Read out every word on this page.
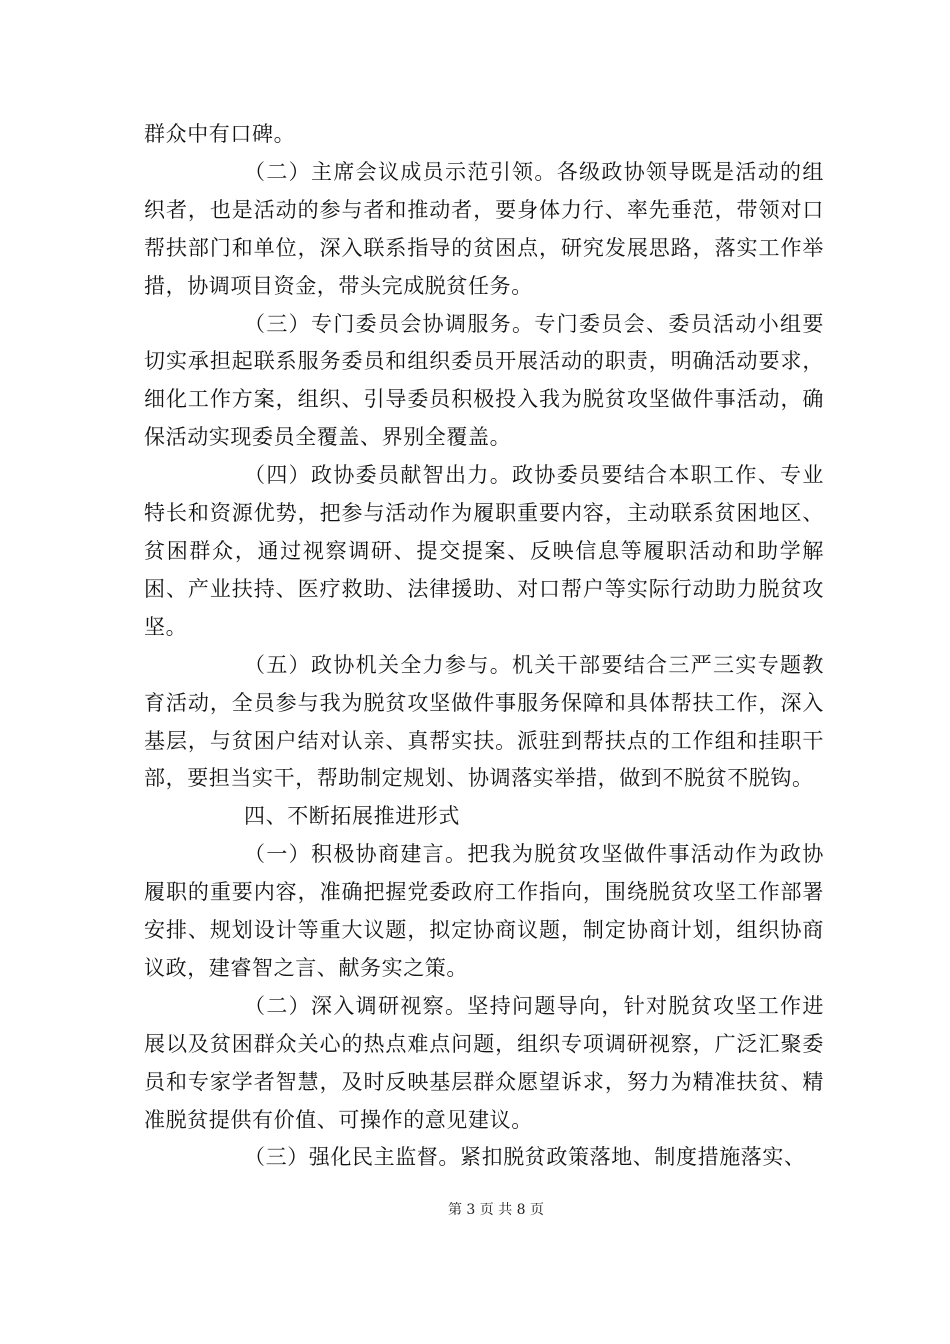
群众中有口碑。

（二）主席会议成员示范引领。各级政协领导既是活动的组织者，也是活动的参与者和推动者，要身体力行、率先垂范，带领对口帮扶部门和单位，深入联系指导的贫困点，研究发展思路，落实工作举措，协调项目资金，带头完成脱贫任务。

（三）专门委员会协调服务。专门委员会、委员活动小组要切实承担起联系服务委员和组织委员开展活动的职责，明确活动要求，细化工作方案，组织、引导委员积极投入我为脱贫攻坚做件事活动，确保活动实现委员全覆盖、界别全覆盖。

（四）政协委员献智出力。政协委员要结合本职工作、专业特长和资源优势，把参与活动作为履职重要内容，主动联系贫困地区、贫困群众，通过视察调研、提交提案、反映信息等履职活动和助学解困、产业扶持、医疗救助、法律援助、对口帮户等实际行动助力脱贫攻坚。

（五）政协机关全力参与。机关干部要结合三严三实专题教育活动，全员参与我为脱贫攻坚做件事服务保障和具体帮扶工作，深入基层，与贫困户结对认亲、真帮实扶。派驻到帮扶点的工作组和挂职干部，要担当实干，帮助制定规划、协调落实举措，做到不脱贫不脱钩。

四、不断拓展推进形式

（一）积极协商建言。把我为脱贫攻坚做件事活动作为政协履职的重要内容，准确把握党委政府工作指向，围绕脱贫攻坚工作部署安排、规划设计等重大议题，拟定协商议题，制定协商计划，组织协商议政，建睿智之言、献务实之策。

（二）深入调研视察。坚持问题导向，针对脱贫攻坚工作进展以及贫困群众关心的热点难点问题，组织专项调研视察，广泛汇聚委员和专家学者智慧，及时反映基层群众愿望诉求，努力为精准扶贫、精准脱贫提供有价值、可操作的意见建议。

（三）强化民主监督。紧扣脱贫政策落地、制度措施落实、

第 3 页 共 8 页
